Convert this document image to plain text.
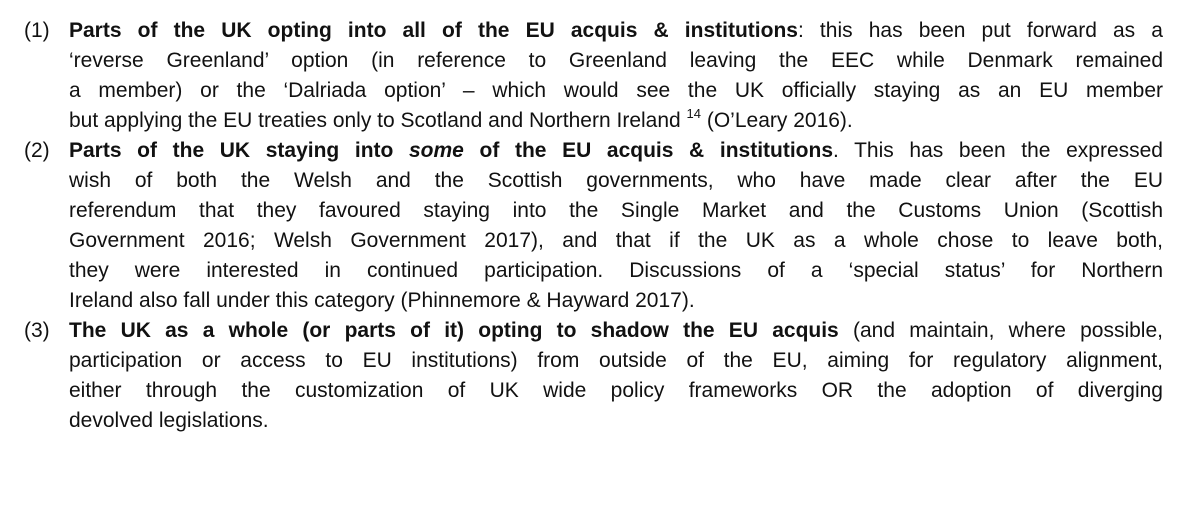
(1) Parts of the UK opting into all of the EU acquis & institutions: this has been put forward as a
‘reverse Greenland’ option (in reference to Greenland leaving the EEC while Denmark remained
a member) or the ‘Dalriada option’ – which would see the UK officially staying as an EU member
but applying the EU treaties only to Scotland and Northern Ireland $^{14}$ (O’Leary 2016).
(2) Parts of the UK staying into some of the EU acquis & institutions. This has been the expressed
wish of both the Welsh and the Scottish governments, who have made clear after the EU
referendum that they favoured staying into the Single Market and the Customs Union (Scottish
Government 2016; Welsh Government 2017), and that if the UK as a whole chose to leave both,
they were interested in continued participation. Discussions of a ‘special status’ for Northern
Ireland also fall under this category (Phinnemore & Hayward 2017).
(3) The UK as a whole (or parts of it) opting to shadow the EU acquis (and maintain, where possible,
participation or access to EU institutions) from outside of the EU, aiming for regulatory alignment,
either through the customization of UK wide policy frameworks OR the adoption of diverging
devolved legislations.
